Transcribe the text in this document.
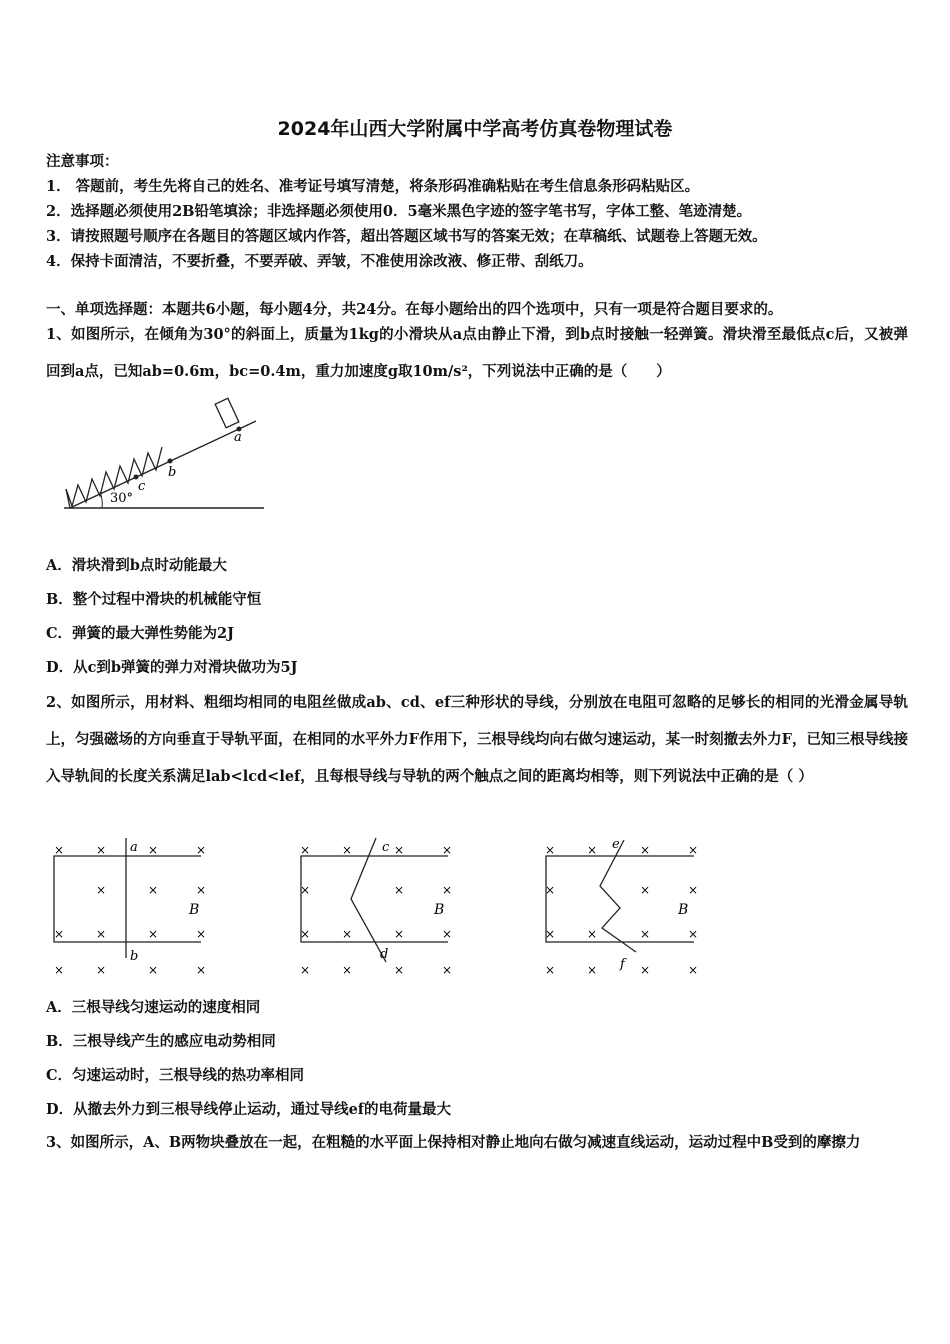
2024年山西大学附属中学高考仿真卷物理试卷
注意事项：
1． 答题前，考生先将自己的姓名、准考证号填写清楚，将条形码准确粘贴在考生信息条形码粘贴区。
2．选择题必须使用2B铅笔填涂；非选择题必须使用0．5毫米黑色字迹的签字笔书写，字体工整、笔迹清楚。
3．请按照题号顺序在各题目的答题区域内作答，超出答题区域书写的答案无效；在草稿纸、试题卷上答题无效。
4．保持卡面清洁，不要折叠，不要弄破、弄皱，不准使用涂改液、修正带、刮纸刀。
一、单项选择题：本题共6小题，每小题4分，共24分。在每小题给出的四个选项中，只有一项是符合题目要求的。
1、如图所示，在倾角为30°的斜面上，质量为1kg的小滑块从a点由静止下滑，到b点时接触一轻弹簧。滑块滑至最低点c后，又被弹回到a点，已知ab=0.6m，bc=0.4m，重力加速度g取10m/s²，下列说法中正确的是（　　）
30°
a
b
c
A．滑块滑到b点时动能最大
B．整个过程中滑块的机械能守恒
C．弹簧的最大弹性势能为2J
D．从c到b弹簧的弹力对滑块做功为5J
2、如图所示，用材料、粗细均相同的电阻丝做成ab、cd、ef三种形状的导线，分别放在电阻可忽略的足够长的相同的光滑金属导轨上，匀强磁场的方向垂直于导轨平面，在相同的水平外力F作用下，三根导线均向右做匀速运动，某一时刻撤去外力F，已知三根导线接入导轨间的长度关系满足lab<lcd<lef，且每根导线与导轨的两个触点之间的距离均相等，则下列说法中正确的是（ ）
a
b
B
×	×	×	×
×	×	×
×	×	×	×
×	×	×	×
c
d
B
×	×	×	×
×	×	×
×	×	×	×
×	×	×	×
e
f
B
×	×	×	×
×	×	×
×	×	×	×
×	×	×	×
A．三根导线匀速运动的速度相同
B．三根导线产生的感应电动势相同
C．匀速运动时，三根导线的热功率相同
D．从撤去外力到三根导线停止运动，通过导线ef的电荷量最大
3、如图所示，A、B两物块叠放在一起，在粗糙的水平面上保持相对静止地向右做匀减速直线运动，运动过程中B受到的摩擦力
